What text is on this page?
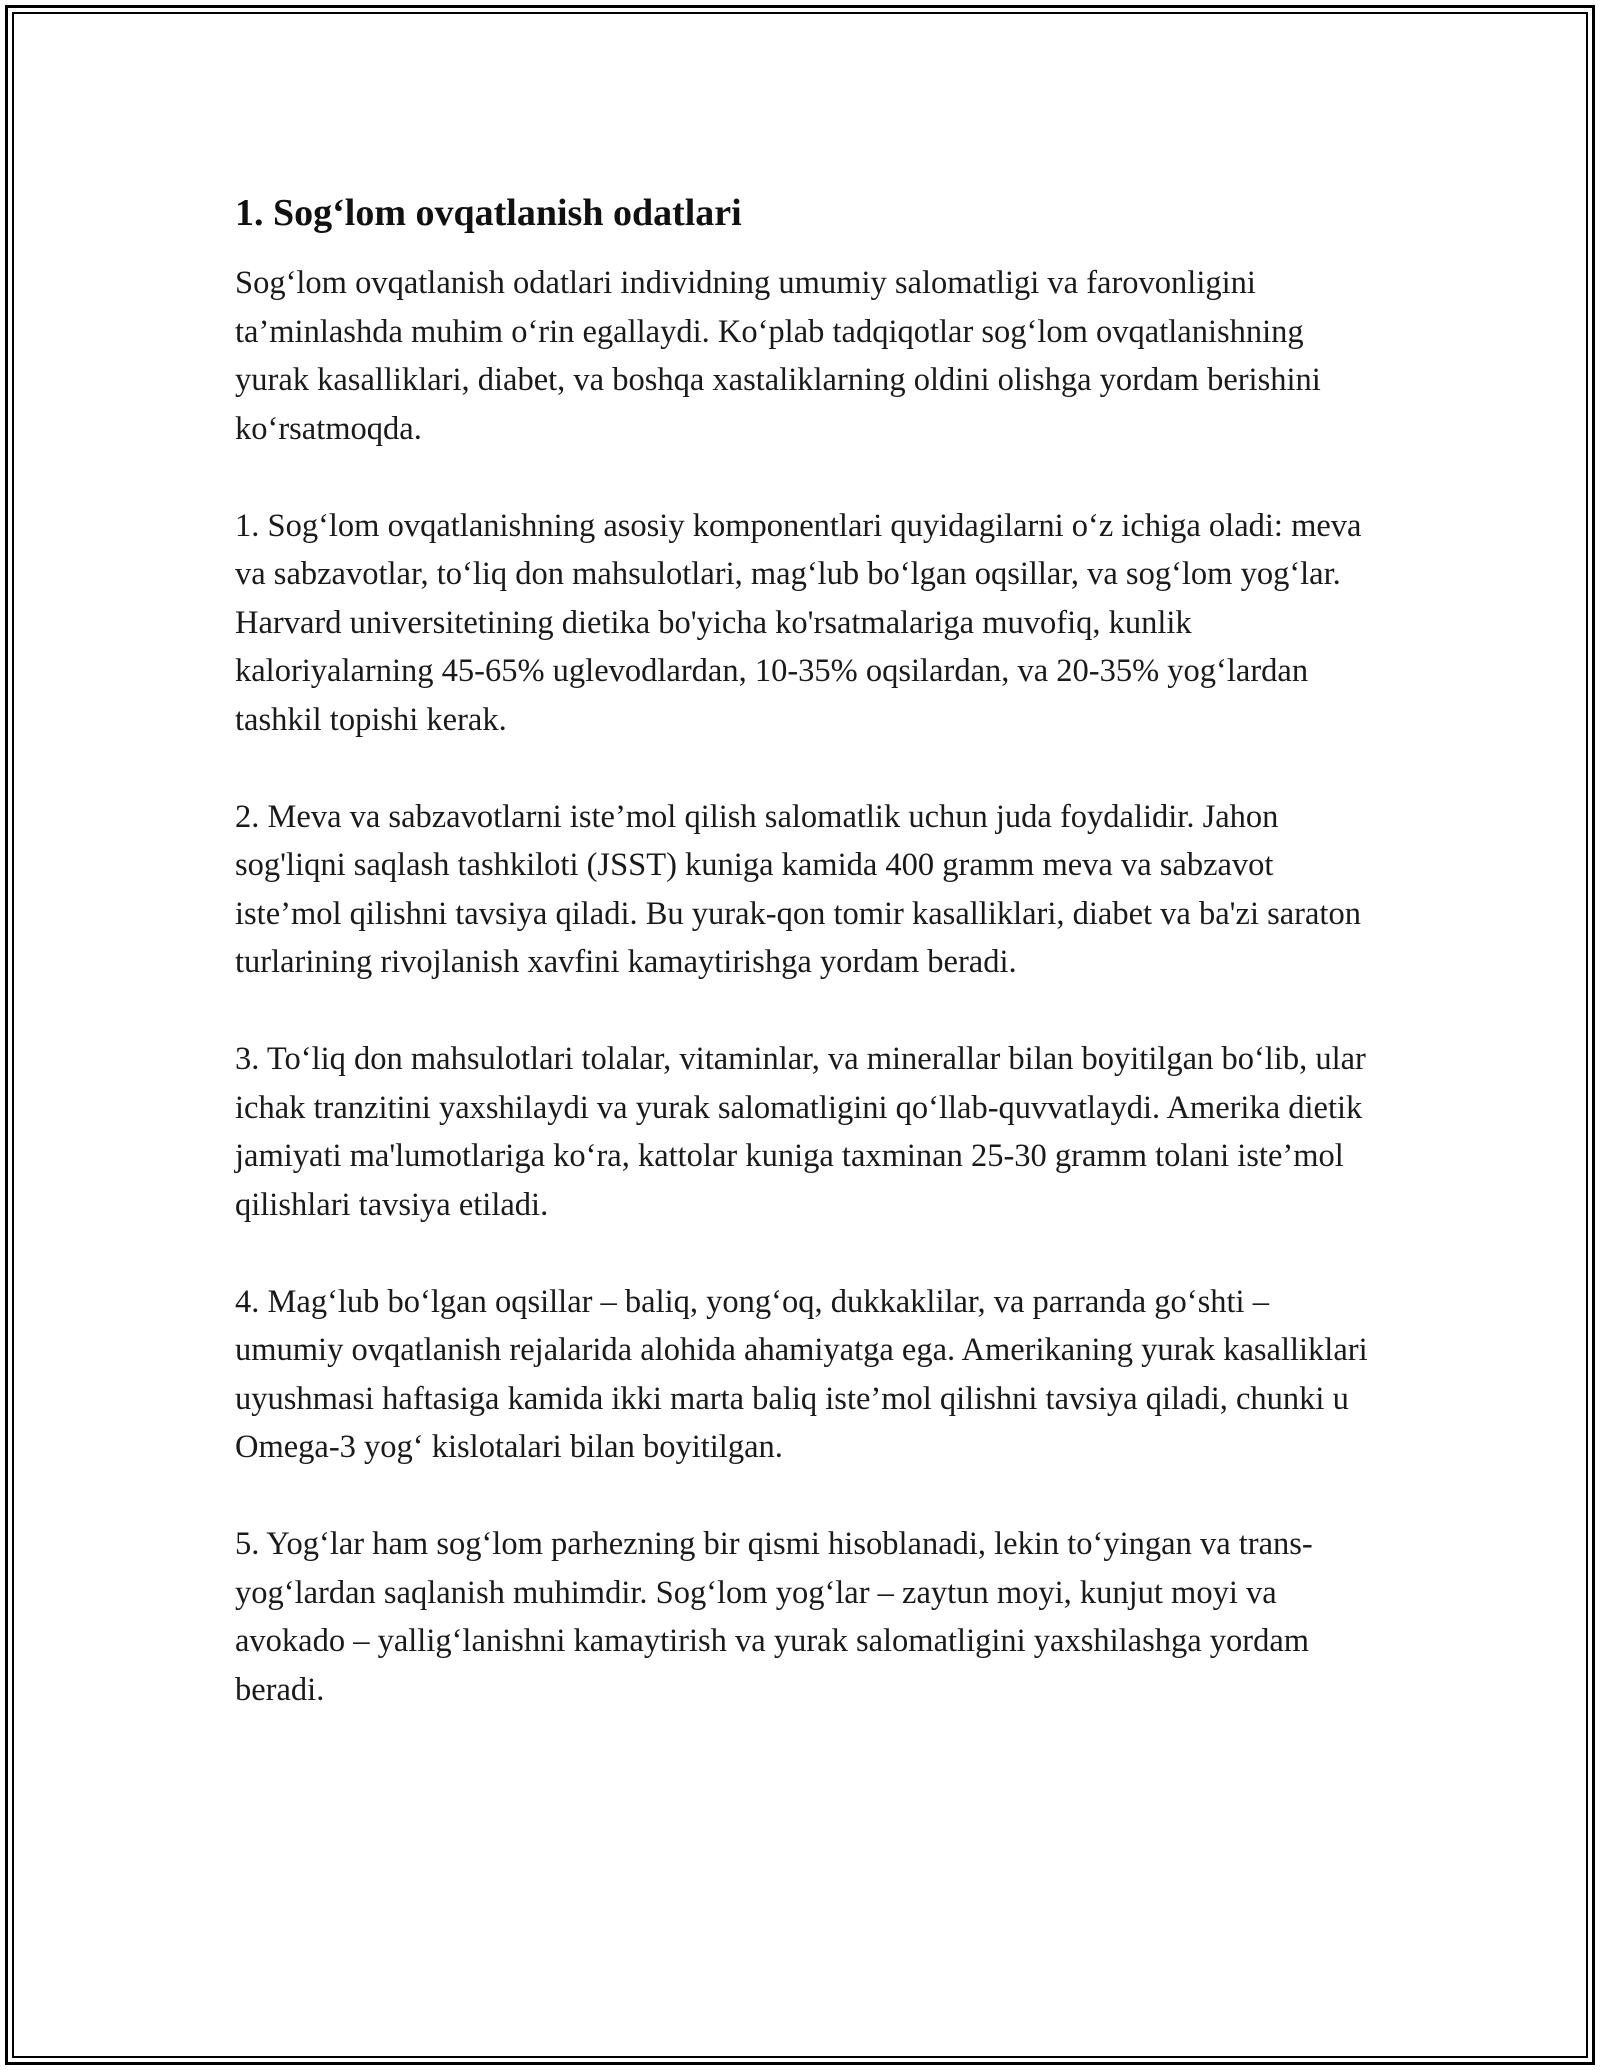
1. Sog‘lom ovqatlanish odatlari

Sog‘lom ovqatlanish odatlari individning umumiy salomatligi va farovonligini ta’minlashda muhim o‘rin egallaydi. Ko‘plab tadqiqotlar sog‘lom ovqatlanishning yurak kasalliklari, diabet, va boshqa xastaliklarning oldini olishga yordam berishini ko‘rsatmoqda.

1. Sog‘lom ovqatlanishning asosiy komponentlari quyidagilarni o‘z ichiga oladi: meva va sabzavotlar, to‘liq don mahsulotlari, mag‘lub bo‘lgan oqsillar, va sog‘lom yog‘lar. Harvard universitetining dietika bo'yicha ko'rsatmalariga muvofiq, kunlik kaloriyalarning 45-65% uglevodlardan, 10-35% oqsilardan, va 20-35% yog‘lardan tashkil topishi kerak.

2. Meva va sabzavotlarni iste’mol qilish salomatlik uchun juda foydalidir. Jahon sog'liqni saqlash tashkiloti (JSST) kuniga kamida 400 gramm meva va sabzavot iste’mol qilishni tavsiya qiladi. Bu yurak-qon tomir kasalliklari, diabet va ba'zi saraton turlarining rivojlanish xavfini kamaytirishga yordam beradi.

3. To‘liq don mahsulotlari tolalar, vitaminlar, va minerallar bilan boyitilgan bo‘lib, ular ichak tranzitini yaxshilaydi va yurak salomatligini qo‘llab-quvvatlaydi. Amerika dietik jamiyati ma'lumotlariga ko‘ra, kattolar kuniga taxminan 25-30 gramm tolani iste’mol qilishlari tavsiya etiladi.

4. Mag‘lub bo‘lgan oqsillar – baliq, yong‘oq, dukkaklilar, va parranda go‘shti – umumiy ovqatlanish rejalarida alohida ahamiyatga ega. Amerikaning yurak kasalliklari uyushmasi haftasiga kamida ikki marta baliq iste’mol qilishni tavsiya qiladi, chunki u Omega-3 yog‘ kislotalari bilan boyitilgan.

5. Yog‘lar ham sog‘lom parhezning bir qismi hisoblanadi, lekin to‘yingan va trans-yog‘lardan saqlanish muhimdir. Sog‘lom yog‘lar – zaytun moyi, kunjut moyi va avokado – yallig‘lanishni kamaytirish va yurak salomatligini yaxshilashga yordam beradi.
